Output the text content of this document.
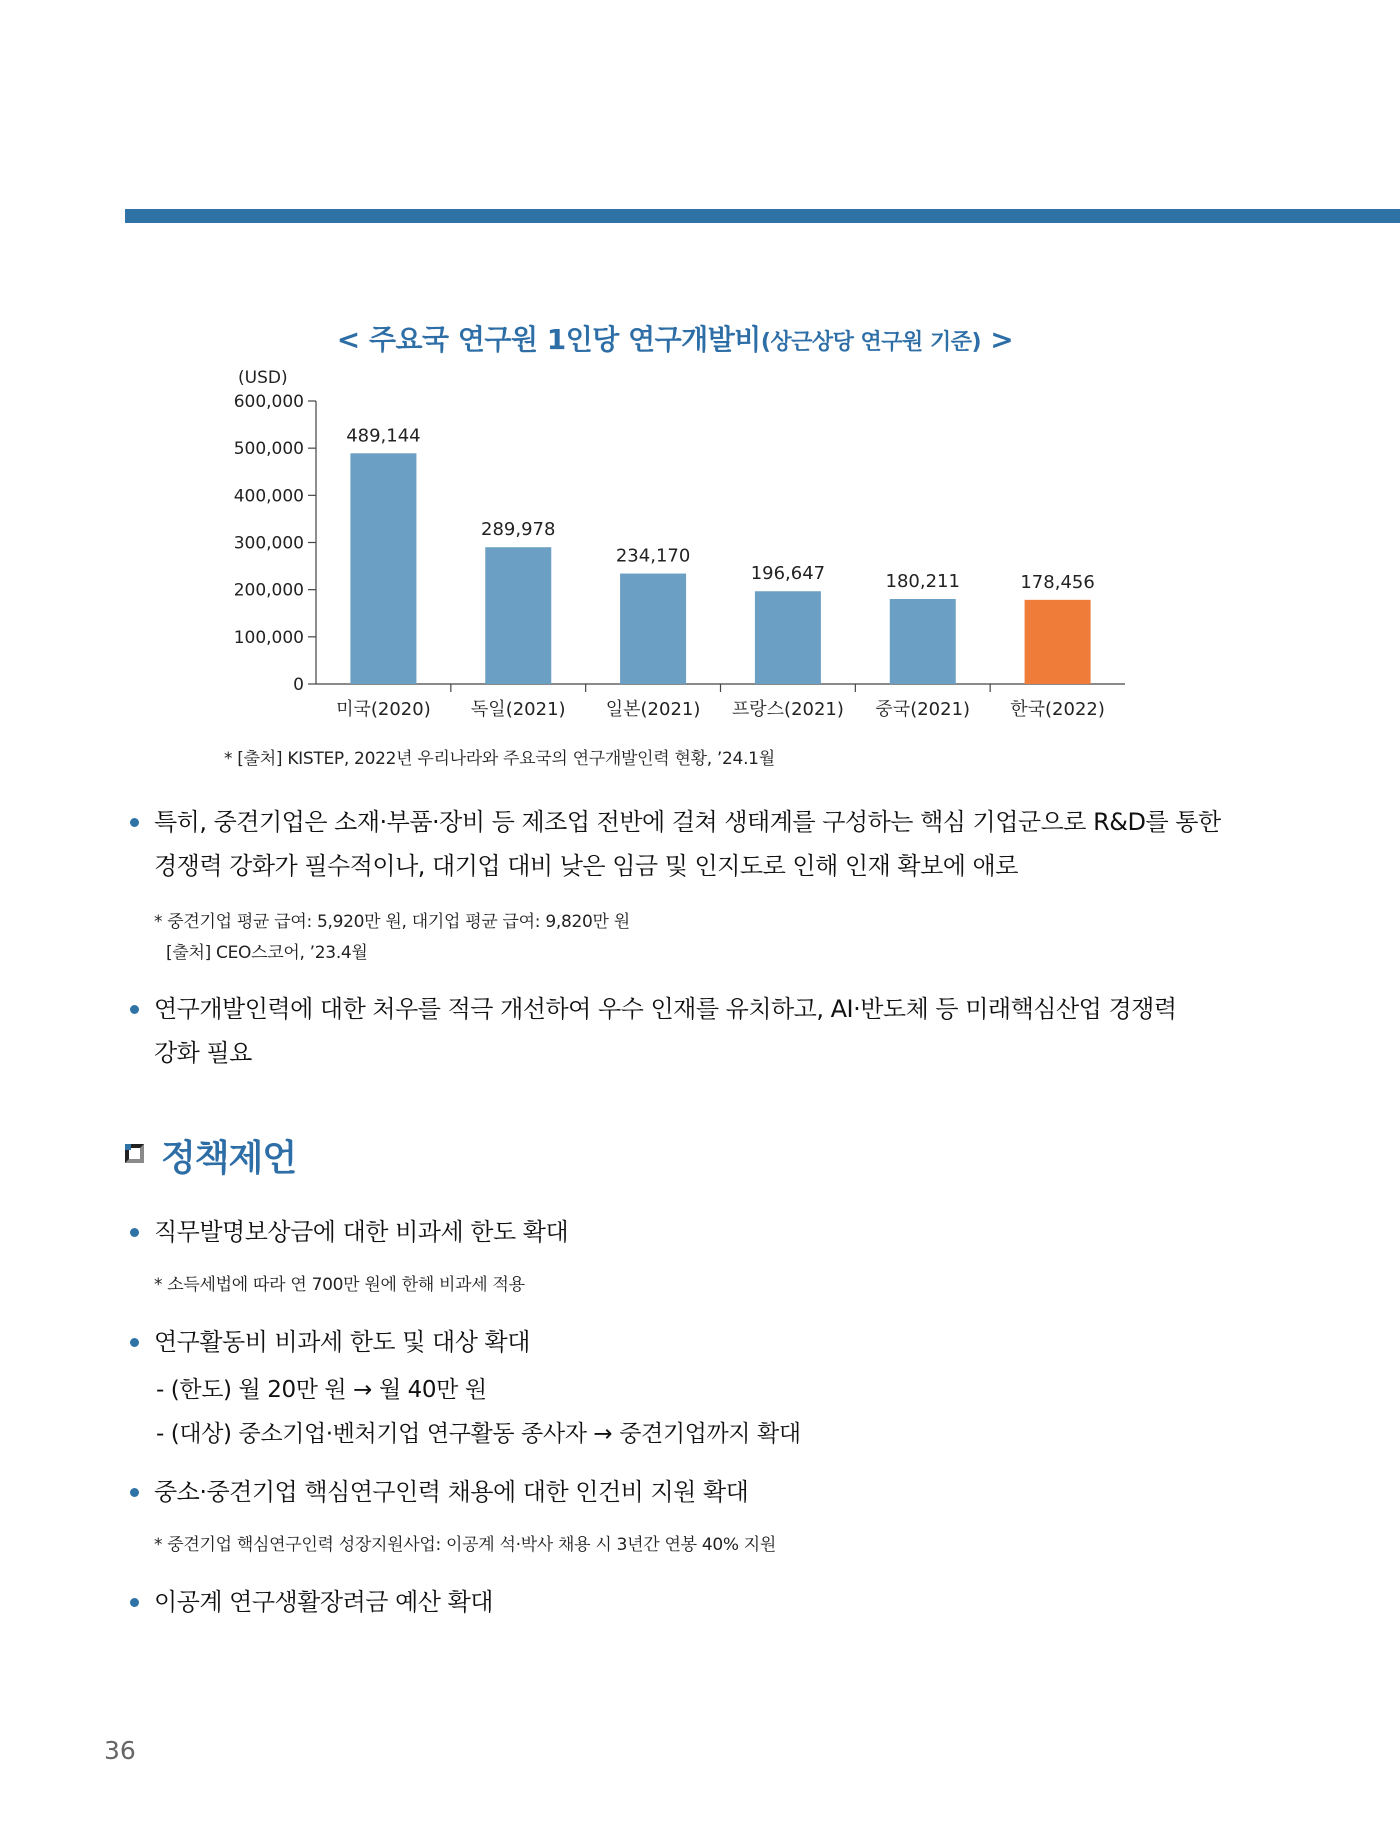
< 주요국 연구원 1인당 연구개발비(상근상당 연구원 기준) >
(USD)
0
100,000
200,000
300,000
400,000
500,000
600,000
489,144
미국(2020)
289,978
독일(2021)
234,170
일본(2021)
196,647
프랑스(2021)
180,211
중국(2021)
178,456
한국(2022)
* [출처] KISTEP, 2022년 우리나라와 주요국의 연구개발인력 현황, ’24.1월
특히, 중견기업은 소재·부품·장비 등 제조업 전반에 걸쳐 생태계를 구성하는 핵심 기업군으로 R&D를 통한
경쟁력 강화가 필수적이나, 대기업 대비 낮은 임금 및 인지도로 인해 인재 확보에 애로
* 중견기업 평균 급여: 5,920만 원, 대기업 평균 급여: 9,820만 원
[출처] CEO스코어, ’23.4월
연구개발인력에 대한 처우를 적극 개선하여 우수 인재를 유치하고, AI·반도체 등 미래핵심산업 경쟁력
강화 필요
정책제언
직무발명보상금에 대한 비과세 한도 확대
* 소득세법에 따라 연 700만 원에 한해 비과세 적용
연구활동비 비과세 한도 및 대상 확대
- (한도) 월 20만 원 → 월 40만 원
- (대상) 중소기업·벤처기업 연구활동 종사자 → 중견기업까지 확대
중소·중견기업 핵심연구인력 채용에 대한 인건비 지원 확대
* 중견기업 핵심연구인력 성장지원사업: 이공계 석·박사 채용 시 3년간 연봉 40% 지원
이공계 연구생활장려금 예산 확대
36
